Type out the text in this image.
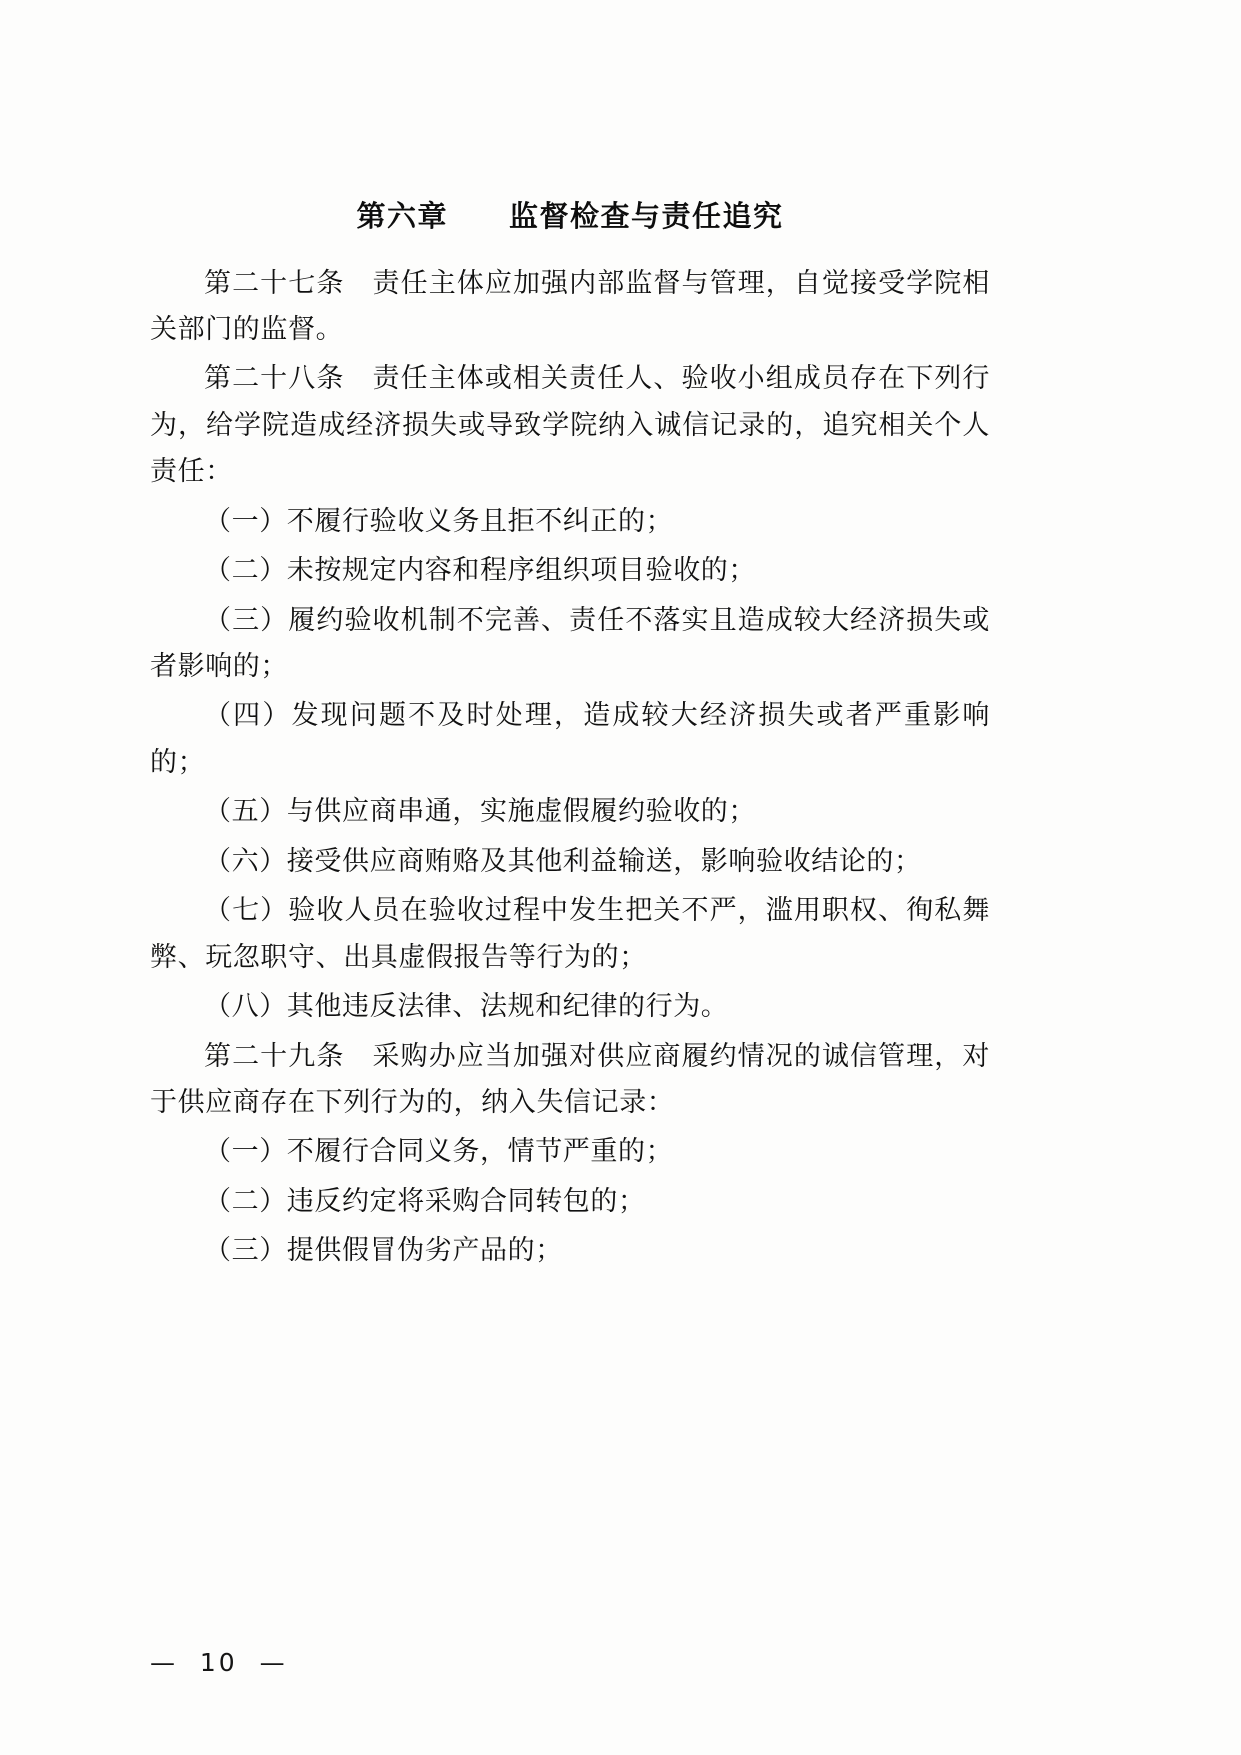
第六章　　监督检查与责任追究

第二十七条　责任主体应加强内部监督与管理，自觉接受学院相关部门的监督。

第二十八条　责任主体或相关责任人、验收小组成员存在下列行为，给学院造成经济损失或导致学院纳入诚信记录的，追究相关个人责任：

（一）不履行验收义务且拒不纠正的；

（二）未按规定内容和程序组织项目验收的；

（三）履约验收机制不完善、责任不落实且造成较大经济损失或者影响的；

（四）发现问题不及时处理，造成较大经济损失或者严重影响的；

（五）与供应商串通，实施虚假履约验收的；

（六）接受供应商贿赂及其他利益输送，影响验收结论的；

（七）验收人员在验收过程中发生把关不严，滥用职权、徇私舞弊、玩忽职守、出具虚假报告等行为的；

（八）其他违反法律、法规和纪律的行为。

第二十九条　采购办应当加强对供应商履约情况的诚信管理，对于供应商存在下列行为的，纳入失信记录：

（一）不履行合同义务，情节严重的；

（二）违反约定将采购合同转包的；

（三）提供假冒伪劣产品的；

—  10  —
